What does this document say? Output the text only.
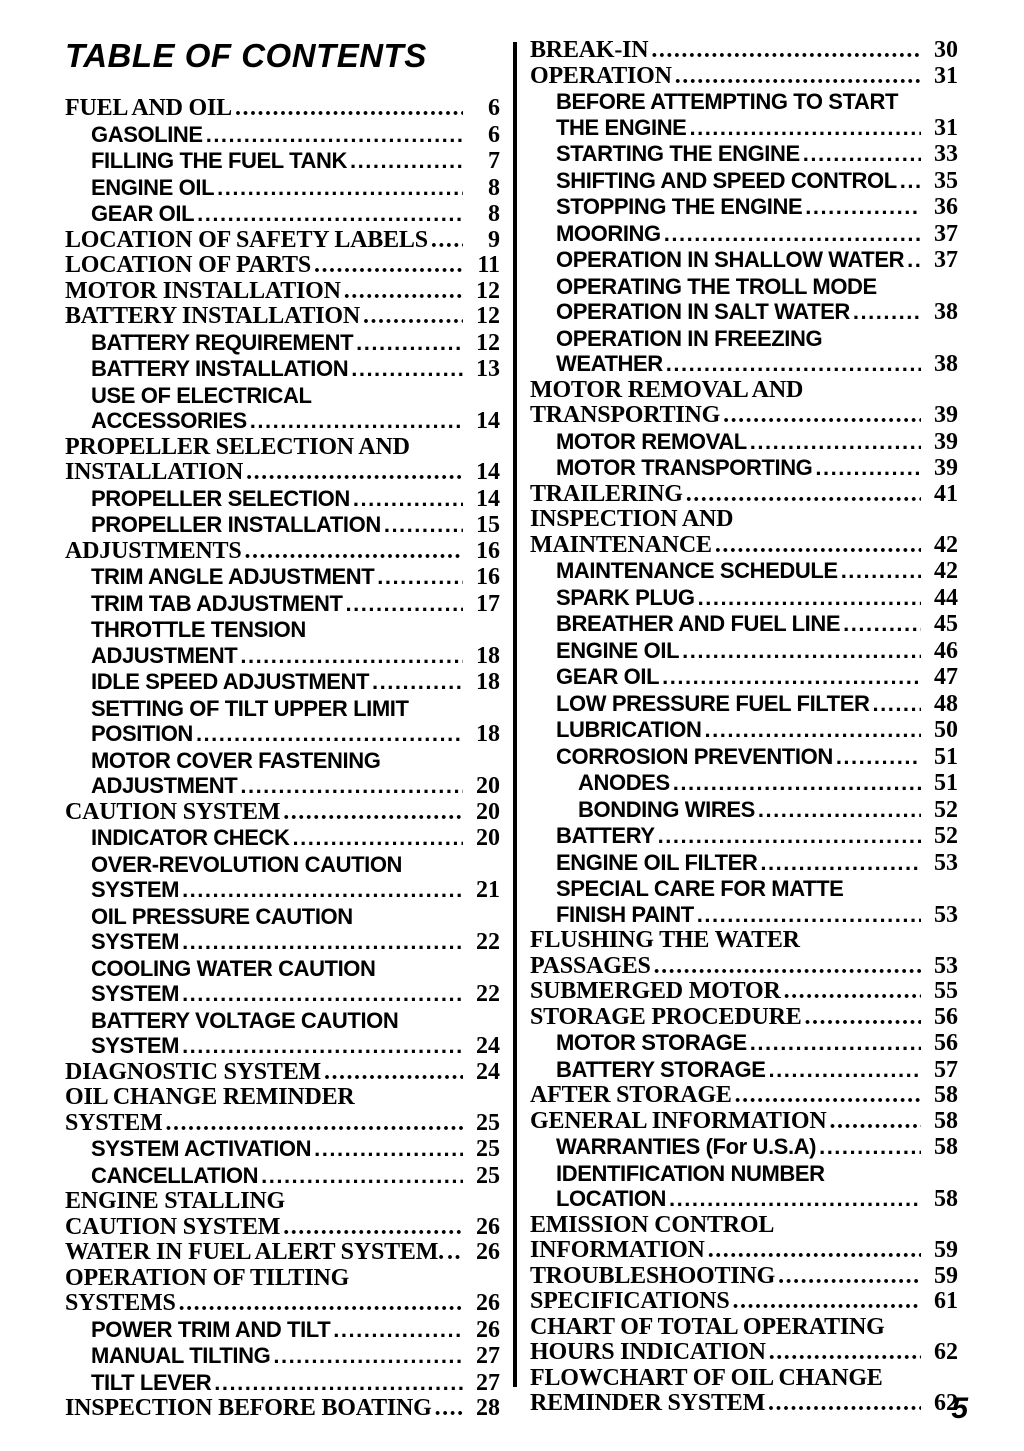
TABLE OF CONTENTS
FUEL AND OIL .....	6
GASOLINE .....	6
FILLING THE FUEL TANK .....	7
ENGINE OIL .....	8
GEAR OIL .....	8
LOCATION OF SAFETY LABELS .....	9
LOCATION OF PARTS .....	11
MOTOR INSTALLATION .....	12
BATTERY INSTALLATION .....	12
BATTERY REQUIREMENT .....	12
BATTERY INSTALLATION .....	13
USE OF ELECTRICAL
ACCESSORIES .....	14
PROPELLER SELECTION AND
INSTALLATION .....	14
PROPELLER SELECTION .....	14
PROPELLER INSTALLATION .....	15
ADJUSTMENTS .....	16
TRIM ANGLE ADJUSTMENT .....	16
TRIM TAB ADJUSTMENT .....	17
THROTTLE TENSION
ADJUSTMENT .....	18
IDLE SPEED ADJUSTMENT .....	18
SETTING OF TILT UPPER LIMIT
POSITION .....	18
MOTOR COVER FASTENING
ADJUSTMENT .....	20
CAUTION SYSTEM .....	20
INDICATOR CHECK .....	20
OVER-REVOLUTION CAUTION
SYSTEM .....	21
OIL PRESSURE CAUTION
SYSTEM .....	22
COOLING WATER CAUTION
SYSTEM .....	22
BATTERY VOLTAGE CAUTION
SYSTEM .....	24
DIAGNOSTIC SYSTEM .....	24
OIL CHANGE REMINDER
SYSTEM .....	25
SYSTEM ACTIVATION .....	25
CANCELLATION .....	25
ENGINE STALLING
CAUTION SYSTEM .....	26
WATER IN FUEL ALERT SYSTEM. ..... 26
OPERATION OF TILTING
SYSTEMS .....	26
POWER TRIM AND TILT .....	26
MANUAL TILTING .....	27
TILT LEVER .....	27
INSPECTION BEFORE BOATING ..... 28
BREAK-IN .....	30
OPERATION .....	31
BEFORE ATTEMPTING TO START
THE ENGINE .....	31
STARTING THE ENGINE .....	33
SHIFTING AND SPEED CONTROL ..... 35
STOPPING THE ENGINE .....	36
MOORING .....	37
OPERATION IN SHALLOW WATER ..... 37
OPERATING THE TROLL MODE
OPERATION IN SALT WATER .....	38
OPERATION IN FREEZING
WEATHER .....	38
MOTOR REMOVAL AND
TRANSPORTING .....	39
MOTOR REMOVAL .....	39
MOTOR TRANSPORTING .....	39
TRAILERING .....	41
INSPECTION AND
MAINTENANCE .....	42
MAINTENANCE SCHEDULE .....	42
SPARK PLUG .....	44
BREATHER AND FUEL LINE .....	45
ENGINE OIL .....	46
GEAR OIL .....	47
LOW PRESSURE FUEL FILTER .....	48
LUBRICATION .....	50
CORROSION PREVENTION .....	51
ANODES .....	51
BONDING WIRES .....	52
BATTERY .....	52
ENGINE OIL FILTER .....	53
SPECIAL CARE FOR MATTE
FINISH PAINT .....	53
FLUSHING THE WATER
PASSAGES .....	53
SUBMERGED MOTOR .....	55
STORAGE PROCEDURE .....	56
MOTOR STORAGE .....	56
BATTERY STORAGE .....	57
AFTER STORAGE .....	58
GENERAL INFORMATION .....	58
WARRANTIES (For U.S.A) .....	58
IDENTIFICATION NUMBER
LOCATION .....	58
EMISSION CONTROL
INFORMATION .....	59
TROUBLESHOOTING .....	59
SPECIFICATIONS .....	61
CHART OF TOTAL OPERATING
HOURS INDICATION .....	62
FLOWCHART OF OIL CHANGE
REMINDER SYSTEM .....	62
5
